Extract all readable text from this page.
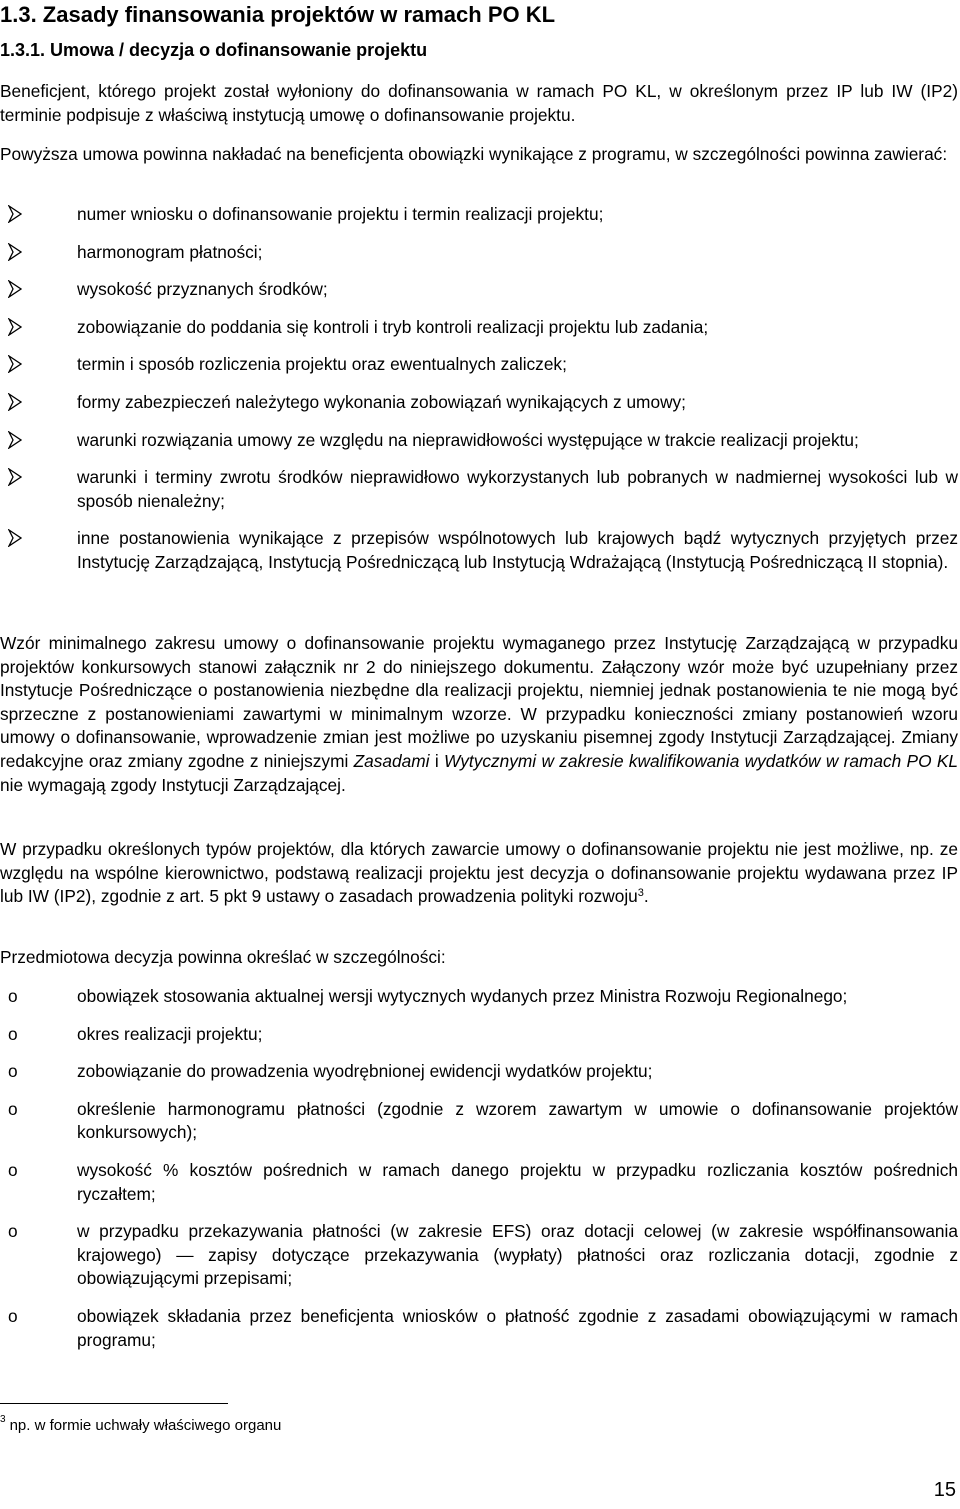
1.3. Zasady finansowania projektów w ramach PO KL
1.3.1. Umowa / decyzja o dofinansowanie projektu

Beneficjent, którego projekt został wyłoniony do dofinansowania w ramach PO KL, w określonym przez IP lub IW (IP2) terminie podpisuje z właściwą instytucją umowę o dofinansowanie projektu.

Powyższa umowa powinna nakładać na beneficjenta obowiązki wynikające z programu, w szczególności powinna zawierać:

numer wniosku o dofinansowanie projektu i termin realizacji projektu;
harmonogram płatności;
wysokość przyznanych środków;
zobowiązanie do poddania się kontroli i tryb kontroli realizacji projektu lub zadania;
termin i sposób rozliczenia projektu oraz ewentualnych zaliczek;
formy zabezpieczeń należytego wykonania zobowiązań wynikających z umowy;
warunki rozwiązania umowy ze względu na nieprawidłowości występujące w trakcie realizacji projektu;
warunki i terminy zwrotu środków nieprawidłowo wykorzystanych lub pobranych w nadmiernej wysokości lub w sposób nienależny;
inne postanowienia wynikające z przepisów wspólnotowych lub krajowych bądź wytycznych przyjętych przez Instytucję Zarządzającą, Instytucją Pośredniczącą lub Instytucją Wdrażającą (Instytucją Pośredniczącą II stopnia).

Wzór minimalnego zakresu umowy o dofinansowanie projektu wymaganego przez Instytucję Zarządzającą w przypadku projektów konkursowych stanowi załącznik nr 2 do niniejszego dokumentu. Załączony wzór może być uzupełniany przez Instytucje Pośredniczące o postanowienia niezbędne dla realizacji projektu, niemniej jednak postanowienia te nie mogą być sprzeczne z postanowieniami zawartymi w minimalnym wzorze. W przypadku konieczności zmiany postanowień wzoru umowy o dofinansowanie, wprowadzenie zmian jest możliwe po uzyskaniu pisemnej zgody Instytucji Zarządzającej. Zmiany redakcyjne oraz zmiany zgodne z niniejszymi Zasadami i Wytycznymi w zakresie kwalifikowania wydatków w ramach PO KL nie wymagają zgody Instytucji Zarządzającej.

W przypadku określonych typów projektów, dla których zawarcie umowy o dofinansowanie projektu nie jest możliwe, np. ze względu na wspólne kierownictwo, podstawą realizacji projektu jest decyzja o dofinansowanie projektu wydawana przez IP lub IW (IP2), zgodnie z art. 5 pkt 9 ustawy o zasadach prowadzenia polityki rozwoju$^3$.

Przedmiotowa decyzja powinna określać w szczególności:

o	obowiązek stosowania aktualnej wersji wytycznych wydanych przez Ministra Rozwoju Regionalnego;
o	okres realizacji projektu;
o	zobowiązanie do prowadzenia wyodrębnionej ewidencji wydatków projektu;
o	określenie harmonogramu płatności (zgodnie z wzorem zawartym w umowie o dofinansowanie projektów konkursowych);
o	wysokość % kosztów pośrednich w ramach danego projektu w przypadku rozliczania kosztów pośrednich ryczałtem;
o	w przypadku przekazywania płatności (w zakresie EFS) oraz dotacji celowej (w zakresie współfinansowania krajowego) — zapisy dotyczące przekazywania (wypłaty) płatności oraz rozliczania dotacji, zgodnie z obowiązującymi przepisami;
o	obowiązek składania przez beneficjenta wniosków o płatność zgodnie z zasadami obowiązującymi w ramach programu;

$^3$ np. w formie uchwały właściwego organu

15
